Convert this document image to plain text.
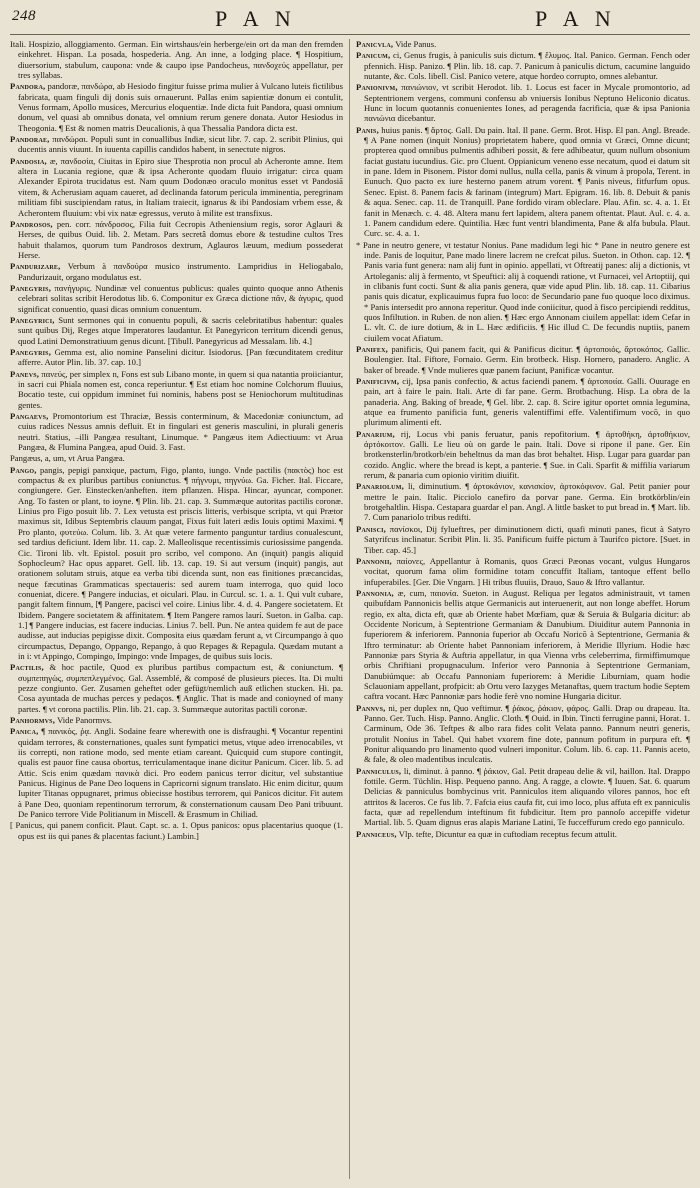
248	P A N	P A N

Itali. Hospizio, alloggiamento. German. Ein wirtshaus/ein herberge/ein ort da man den fremden einkehret. Hispan. La posada, hospederia. Ang. An inne, a lodging place. ¶ Hospitium, diuersorium, stabulum, caupona: vnde & caupo ipse Pandocheus, πανδοχεύς appellatur, per tres syllabas.

Pandora, pandoræ, πανδώρα, ab Hesiodo fingitur fuisse prima mulier à Vulcano luteis fictilibus fabricata, quam finguli dij donis suis ornauerunt. Pallas enim sapientiæ donum ei contulit, Venus formam, Apollo musices, Mercurius eloquentiæ. Inde dicta fuit Pandora, quasi omnium donum, vel quasi ab omnibus donata, vel omnium rerum genere donata. Autor Hesiodus in Theogonia. ¶ Est & nomen matris Deucalionis, à qua Thessalia Pandora dicta est.

Pandorae, πανδώραι. Populi sunt in conuallibus Indiæ, sicut libr. 7. cap. 2. scribit Plinius, qui ducentis annis viuunt. In iuuenta capillis candidos habent, in senectute nigros.

Pandosia, æ, πανδοσία, Ciuitas in Epiro siue Thesprotia non procul ab Acheronte amne. Item altera in Lucania regione, quæ & ipsa Acheronte quodam fluuio irrigatur: circa quam Alexander Epirota trucidatus est. Nam quum Dodonæo oraculo monitus esset vt Pandosiā vitem, & Acherusiam aquam caueret, ad declinanda fatorum pericula imminentia, peregrinam militiam fibi suscipiendam ratus, in Italiam traiecit, ignarus & ibi Pandosiam vrbem esse, & Acherontem fluuium: vbi vix natæ egressus, veruto à milite est transfixus.

Pandrosos, pen. corr. πάνδροσος, Filia fuit Cecropis Atheniensium regis, soror Aglauri & Herses, de quibus Ouid. lib. 2. Metam. Pars secretâ domus ebore & testudine cultos Tres habuit thalamos, quorum tum Pandrosos dextrum, Aglauros læuum, medium possederat Herse.

Pandurizare, Verbum à πανδούρα musico instrumento. Lampridius in Heliogabalo, Pandurizauit, organo modulatus est.

Panegyris, πανήγυρις. Nundinæ vel conuentus publicus: quales quinto quoque anno Athenis celebrari solitas scribit Herodotus lib. 6. Componitur ex Græca dictione πᾶν, & ἀγυρις, quod significat conuentio, quasi dicas omnium conuentum.

Panegyrici, Sunt sermones qui in conuentu populi, & sacris celebritatibus habentur: quales sunt quibus Dij, Reges atque Imperatores laudantur. Et Panegyricon territum dicendi genus, quod Latini Demonstratiuum genus dicunt. [Tibull. Panegyricus ad Messalam. lib. 4.]

Panegyris, Gemma est, alio nomine Panselini dicitur. Isiodorus. [Pan fœcunditatem creditur afferre. Autor Plin. lib. 37. cap. 10.]

Panevs, πανεύς, per simplex n, Fons est sub Libano monte, in quem si qua natantia proiiciantur, in sacri cui Phiala nomen est, conca reperiuntur. ¶ Est etiam hoc nomine Colchorum fluuius, Bocatio teste, cui oppidum imminet fui nominis, habens post se Heniochorum multitudinas gentes.

Pangaevs, Promontorium est Thraciæ, Bessis conterminum, & Macedoniæ coniunctum, ad cuius radices Nessus amnis defluit. Et in fingulari est generis masculini, in plurali generis neutri. Statius, –illi Pangæa resultant, Linumque. * Pangæus item Adiectiuum: vt Arua Pangæa, & Flumina Pangæa, apud Ouid. 3. Fast.

Pangæus, a, um, vt Arua Pangæa.

Pango, pangis, pepigi panxique, pactum, Figo, planto, iungo. Vnde pactilis (πακτὸς) hoc est compactus & ex pluribus partibus coniunctus. ¶ πήγνυμι, πηγνύω. Ga. Ficher. Ital. Ficcare, congiungere. Ger. Einstecken/anheften. item pflanzen. Hispa. Hincar, ayuncar, componer. Ang. To fasten or plant, to ioyne. ¶ Plin. lib. 21. cap. 3. Summæque autoritas pactilis coronæ. Linius pro Figo posuit lib. 7. Lex vetusta est priscis litteris, verbisque scripta, vt qui Prætor maximus sit, Idibus Septembris clauum pangat, Fixus fuit lateri ædis Iouis optimi Maximi. ¶ Pro planto, φυτεύω. Colum. lib. 3. At quæ vetere farmento panguntur tardius conualescunt, sed tardius deficiunt. Idem libr. 11. cap. 2. Malleolisque recentissimis curiosissime pangenda. Cic. Tironi lib. vlt. Epistol. posuit pro scribo, vel compono. An (inquit) pangis aliquid Sophocleum? Hac opus apparet. Gell. lib. 13. cap. 19. Si aut versum (inquit) pangis, aut orationem solutam struis, atque ea verba tibi dicenda sunt, non eas finitiones præcancidas, neque fæcutinas Grammaticas spectaueris: sed aurem tuam interroga, quo quid loco conueniat, dicere. ¶ Pangere inducias, et oiculari. Plau. in Curcul. sc. 1. a. 1. Qui vult cubare, pangit faltem finnum, [¶ Pangere, pacisci vel coire. Linius libr. 4. d. 4. Pangere societatem. Et Ibidem. Pangere societatem & affinitatem. ¶ Item Pangere ramos laurí. Sueton. in Galba. cap. 1.] ¶ Pangere inducias, est facere inducias. Linius 7. bell. Pun. Ne antea quidem fe aut de pace audisse, aut inducias pepigisse dixit. Composita eius quædam ferunt a, vt Circumpango à quo circumpactus, Depango, Oppango, Repango, à quo Repages & Repagula. Quædam mutant a in i: vt Appingo, Compingo, Impingo: vnde Impages, de quibus suis locis.

Pactilis, & hoc pactile, Quod ex pluribus partibus compactum est, & coniunctum. ¶ συμπεπηγὼς, συμπεπλεγμένος. Gal. Assemblé, & composé de plusieurs pieces. Ita. Di multi pezze congiunto. Ger. Zusamen geheftet oder gefügt/nemlich auß etlichen stucken. Hi. pa. Cosa ayuntada de muchas perces y pedaços. ¶ Anglic. That is made and conioyned of many partes. ¶ vt corona pactilis. Plin. lib. 21. cap. 3. Summæque autoritas pactili coronæ.

Panhormvs, Vide Panormvs.

Panica, ¶ πανικὸς, ῥᾳ. Angli. Sodaine feare wherewith one is disfraughi. ¶ Vocantur repentini quidam terrores, & consternationes, quales sunt fympatici metus, vtque adeo irrenocabiles, vt iis correpti, non ratione modo, sed mente etiam careant. Quicquid cum stupore contingit, qualis est pauor fine causa obortus, terriculamentaque inane dicitur Panicum. Cicer. lib. 5. ad Attic. Scis enim quædam πανικὰ dici. Pro eodem panicus terror dicitur, vel substantiue Panicus. Higinus de Pane Deo loquens in Capricorni signum translato. Hic enim dicitur, quum Iupiter Titanas oppugnaret, primus obiecisse hostibus terrorem, qui Panicos dicitur. Fit autem à Pane Deo, quoniam repentinorum terrorum, & consternationum causam Deo Pani tribuunt. De Panico terrore Vide Politianum in Miscell. & Erasmum in Chiliad.

[ Panicus, qui panem conficit. Plaut. Capt. sc. a. 1. Opus panicos: opus placentarius quoque (1. opus est iis qui panes & placentas faciunt.) Lambin.]

Panicvla, Vide Panus.

Panicum, ci, Genus frugis, à paniculis suis dictum. ¶ ἔλυμος. Ital. Panico. German. Fench oder pfennich. Hisp. Panizo. ¶ Plin. lib. 18. cap. 7. Panicum à paniculis dictum, cacumine languido nutante, &c. Cols. libell. Cisl. Panico vetere, atque hordeo corrupto, omnes alebantur.

Panionivm, πανιώνιον, vt scribit Herodot. lib. 1. Locus est facer in Mycale promontorio, ad Septentrionem vergens, communi confensu ab vniuersis Ionibus Neptuno Heliconio dicatus. Hunc in locum quotannis conuenientes Iones, ad peragenda facrificia, quæ & ipsa Panionia πανιώνια dicebantur.

Panis, huius panis. ¶ ἄρτος. Gall. Du pain. Ital. Il pane. Germ. Brot. Hisp. El pan. Angl. Breade. ¶ A Pane nomen (inquit Nonius) proprietatem habere, quod omnia vt Græci, Omne dicunt; propterea quod omnibus pulmentis adhiberi possit, & fere adhibeatur, quum nullum obsonium faciat gustatu iucundius. Gic. pro Cluent. Oppianicum veneno esse necatum, quod ei datum sit in pane. Idem in Pisonem. Pistor domi nullus, nulla cella, panis & vinum à propola, Terent. in Eunuch. Quo pacto ex iure hesterno panem atrum vorent. ¶ Panis niveus, fitfurfum opus. Senec. Epist. 8. Panem facis & farinam (integrum) Mart. Epigram. 16. lib. 8. Debuit & panis & aqua. Senec. cap. 11. de Tranquill. Pane fordido viram obleclare. Plau. Afin. sc. 4. a. 1. Et fanit in Menæch. c. 4. 48. Altera manu fert lapidem, altera panem oftentat. Plaut. Aul. c. 4. a. 1. Panem candidum edere. Quintilia. Hæc funt ventri blandimenta, Pane & alfa bubula. Plaut. Curc. sc. 4. a. 1.

* Pane in neutro genere, vt testatur Nonius. Pane madidum legi hic * Pane in neutro genere est inde. Panis de loquitur, Pane mado linere lacrem ne crefcat pilus. Sueton. in Othon. cap. 12. ¶ Panis varia funt genera: nam alij funt in opinio. appellati, vt Oftreatij panes: alij a dictionis, vt Artoleganis: alij à fermento, vt Speuftici: alij à coquendi ratione, vt Furnacei, vel Artoptiij, qui in clibanis funt cocti. Sunt & alia panis genera, quæ vide apud Plin. lib. 18. cap. 11. Cibarius panis quis dicatur, explicauimus fupra fuo loco: de Secundario pane fuo quoque loco diximus. * Panis intersedit pro annona reperitur. Quod inde coniicitur, quod à fisco percipiendi redditus, quos Infiltution. in Ruben. de non alien. ¶ Hæc ergo Annonam ciuilem appellat: idem Cefar in L. vlt. C. de iure dotium, & in L. Hæc ædificiis. ¶ Hic illud C. De fecundis nuptiis, panem ciuilem vocat Afiatum.

Panifex, panificis, Qui panem facit, qui & Panificus dicitur. ¶ ἀρτοποιός, ἄρτοκόπος. Gallic. Boulengier. Ital. Fiftore, Fornaio. Germ. Ein brotbeck. Hisp. Hornero, panadero. Anglic. A baker of breade. ¶ Vnde mulieres quæ panem faciunt, Panificæ vocantur.

Panificivm, cij, Ipsa panis confectio, & actus faciendi panem. ¶ ἀρτοποιία. Galli. Ouurage en pain, art à faire le pain. Itali. Arte di far pane. Germ. Brotbachung. Hisp. La obra de la panaderia. Ang. Baking of breade, ¶ Gel. libr. 2. cap. 8. Scire igitur oportet omnia legumina, atque ea frumento panificia funt, generis valentiffimi effe. Valentifimum vocō, in quo plurimum alimenti eft.

Panarium, rij, Locus vbi panis feruatur, panis repofitorium. ¶ ἀρτοθήκη, ἀρτοθήκιον, ἀρτόκοιτον. Galli. Le lieu où on garde le pain. Itali. Dove si ripone il pane. Ger. Ein brotkensterlin/brotkorb/ein beheltnus da man das brot behaltet. Hisp. Lugar para guardar pan cozido. Anglic. where the bread is kept, a panterie. ¶ Sue. in Cali. Sparfit & miffilia variarum rerum, & panaria cum opionio viritim diuifit.

Panariolum, li, diminutium. ¶ ἀρτοκάνιον, κανισκίον, ἀρτοκόφινον. Gal. Petit panier pour mettre le pain. Italic. Picciolo canefiro da porvar pane. Germa. Ein brotkörblin/ein brotgehaltlin. Hispa. Cestapara guardar el pan. Angl. A little basket to put bread in. ¶ Mart. lib. 7. Cum panariolo tribus redifti.

Panisci, πανίσκοι, Dij fylueftres, per diminutionem dicti, quafi minuti panes, ficut à Satyro Satyrifcus inclinatur. Scribit Plin. li. 35. Panificum fuiffe pictum à Taurifco pictore. [Suet. in Tiber. cap. 45.]

Pannonii, παίονες, Appellantur à Romanis, quos Græci Pæonas vocant, vulgus Hungaros vocitat, quorum fama olim formidine totam concuffit Italiam, tantoque effent bello infuperabiles. [Ger. Die Vngarn. ] Hi tribus fluuiis, Drauo, Sauo & Iftro vallantur.

Pannonia, æ, cum, παιονία. Sueton. in August. Reliqua per legatos administrauit, vt tamen quibufdam Pannonicis bellis atque Germanicis aut interuenerit, aut non longe abeffet. Horum regio, ex alta, dicta eft, quæ ab Oriente habet Mœfiam, quæ & Seruia & Bulgaria dicitur: ab Occidente Noricum, à Septentrione Germaniam & Danubium. Diuiditur autem Pannonia in fuperiorem & inferiorem. Pannonia fuperior ab Occafu Noricō à Septentrione, Germania & Iftro terminatur: ab Oriente habet Pannoniam inferiorem, à Meridie Illyrium. Hodie hæc Pannoniæ pars Styria & Auftria appellatur, in qua Vienna vrbs celeberrima, firmiffimumque orbis Chriftiani propugnaculum. Inferior vero Pannonia à Septentrione Germaniam, Danubiúmque: ab Occafu Pannoniam fuperiorem: à Meridie Liburniam, quam hodie Sclauoniam appellant, profpicit: ab Ortu vero Iazyges Metanaftas, quem tractum hodie Septem caftra vocant. Hæc Pannoniæ pars hodie ferè vno nomine Hungaria dicitur.

Pannvs, ni, per duplex nn, Quo veftimur. ¶ ῥάκος, ῥάκιον, φάρος. Galli. Drap ou drapeau. Ita. Panno. Ger. Tuch. Hisp. Panno. Anglic. Cloth. ¶ Ouid. in Ibin. Tincti ferrugine panni, Horat. 1. Carminum, Ode 36. Teftpes & albo rara fides colit Velata panno. Pannum neutri generis, protulit Nonius in Tabel. Qui habet vxorem fine dote, pannum pofitum in purpura eft. ¶ Ponitur aliquando pro linamento quod vulneri imponitur. Colum. lib. 6. cap. 11. Pannis aceto, & fale, & oleo madentibus inculcatis.

Panniculus, li, diminut. à panno. ¶ ῥάκιον, Gal. Petit drapeau delie & vil, haillon. Ital. Drappo fottile. Germ. Tüchlin. Hisp. Pequeno panno. Ang. A ragge, a clowte. ¶ Iuuen. Sat. 6. quarum Delicias & panniculus bombycinus vrit. Panniculos item aliquando vilores pannos, hoc eft attritos & laceros. Ce fus lib. 7. Fafcia eius caufa fit, cui imo loco, plus affuta eft ex panniculis facta, quæ ad repellendum inteftinum fit fubdicitur. Item pro pannoſo accepiffe videtur Martial. lib. 5. Quam dignus eras alapis Mariane Latini, Te fucceffurum credo ego panniculo.

Panniceus, Vlp. tefte, Dicuntur ea quæ in cuftodiam receptus fecum attulit.
